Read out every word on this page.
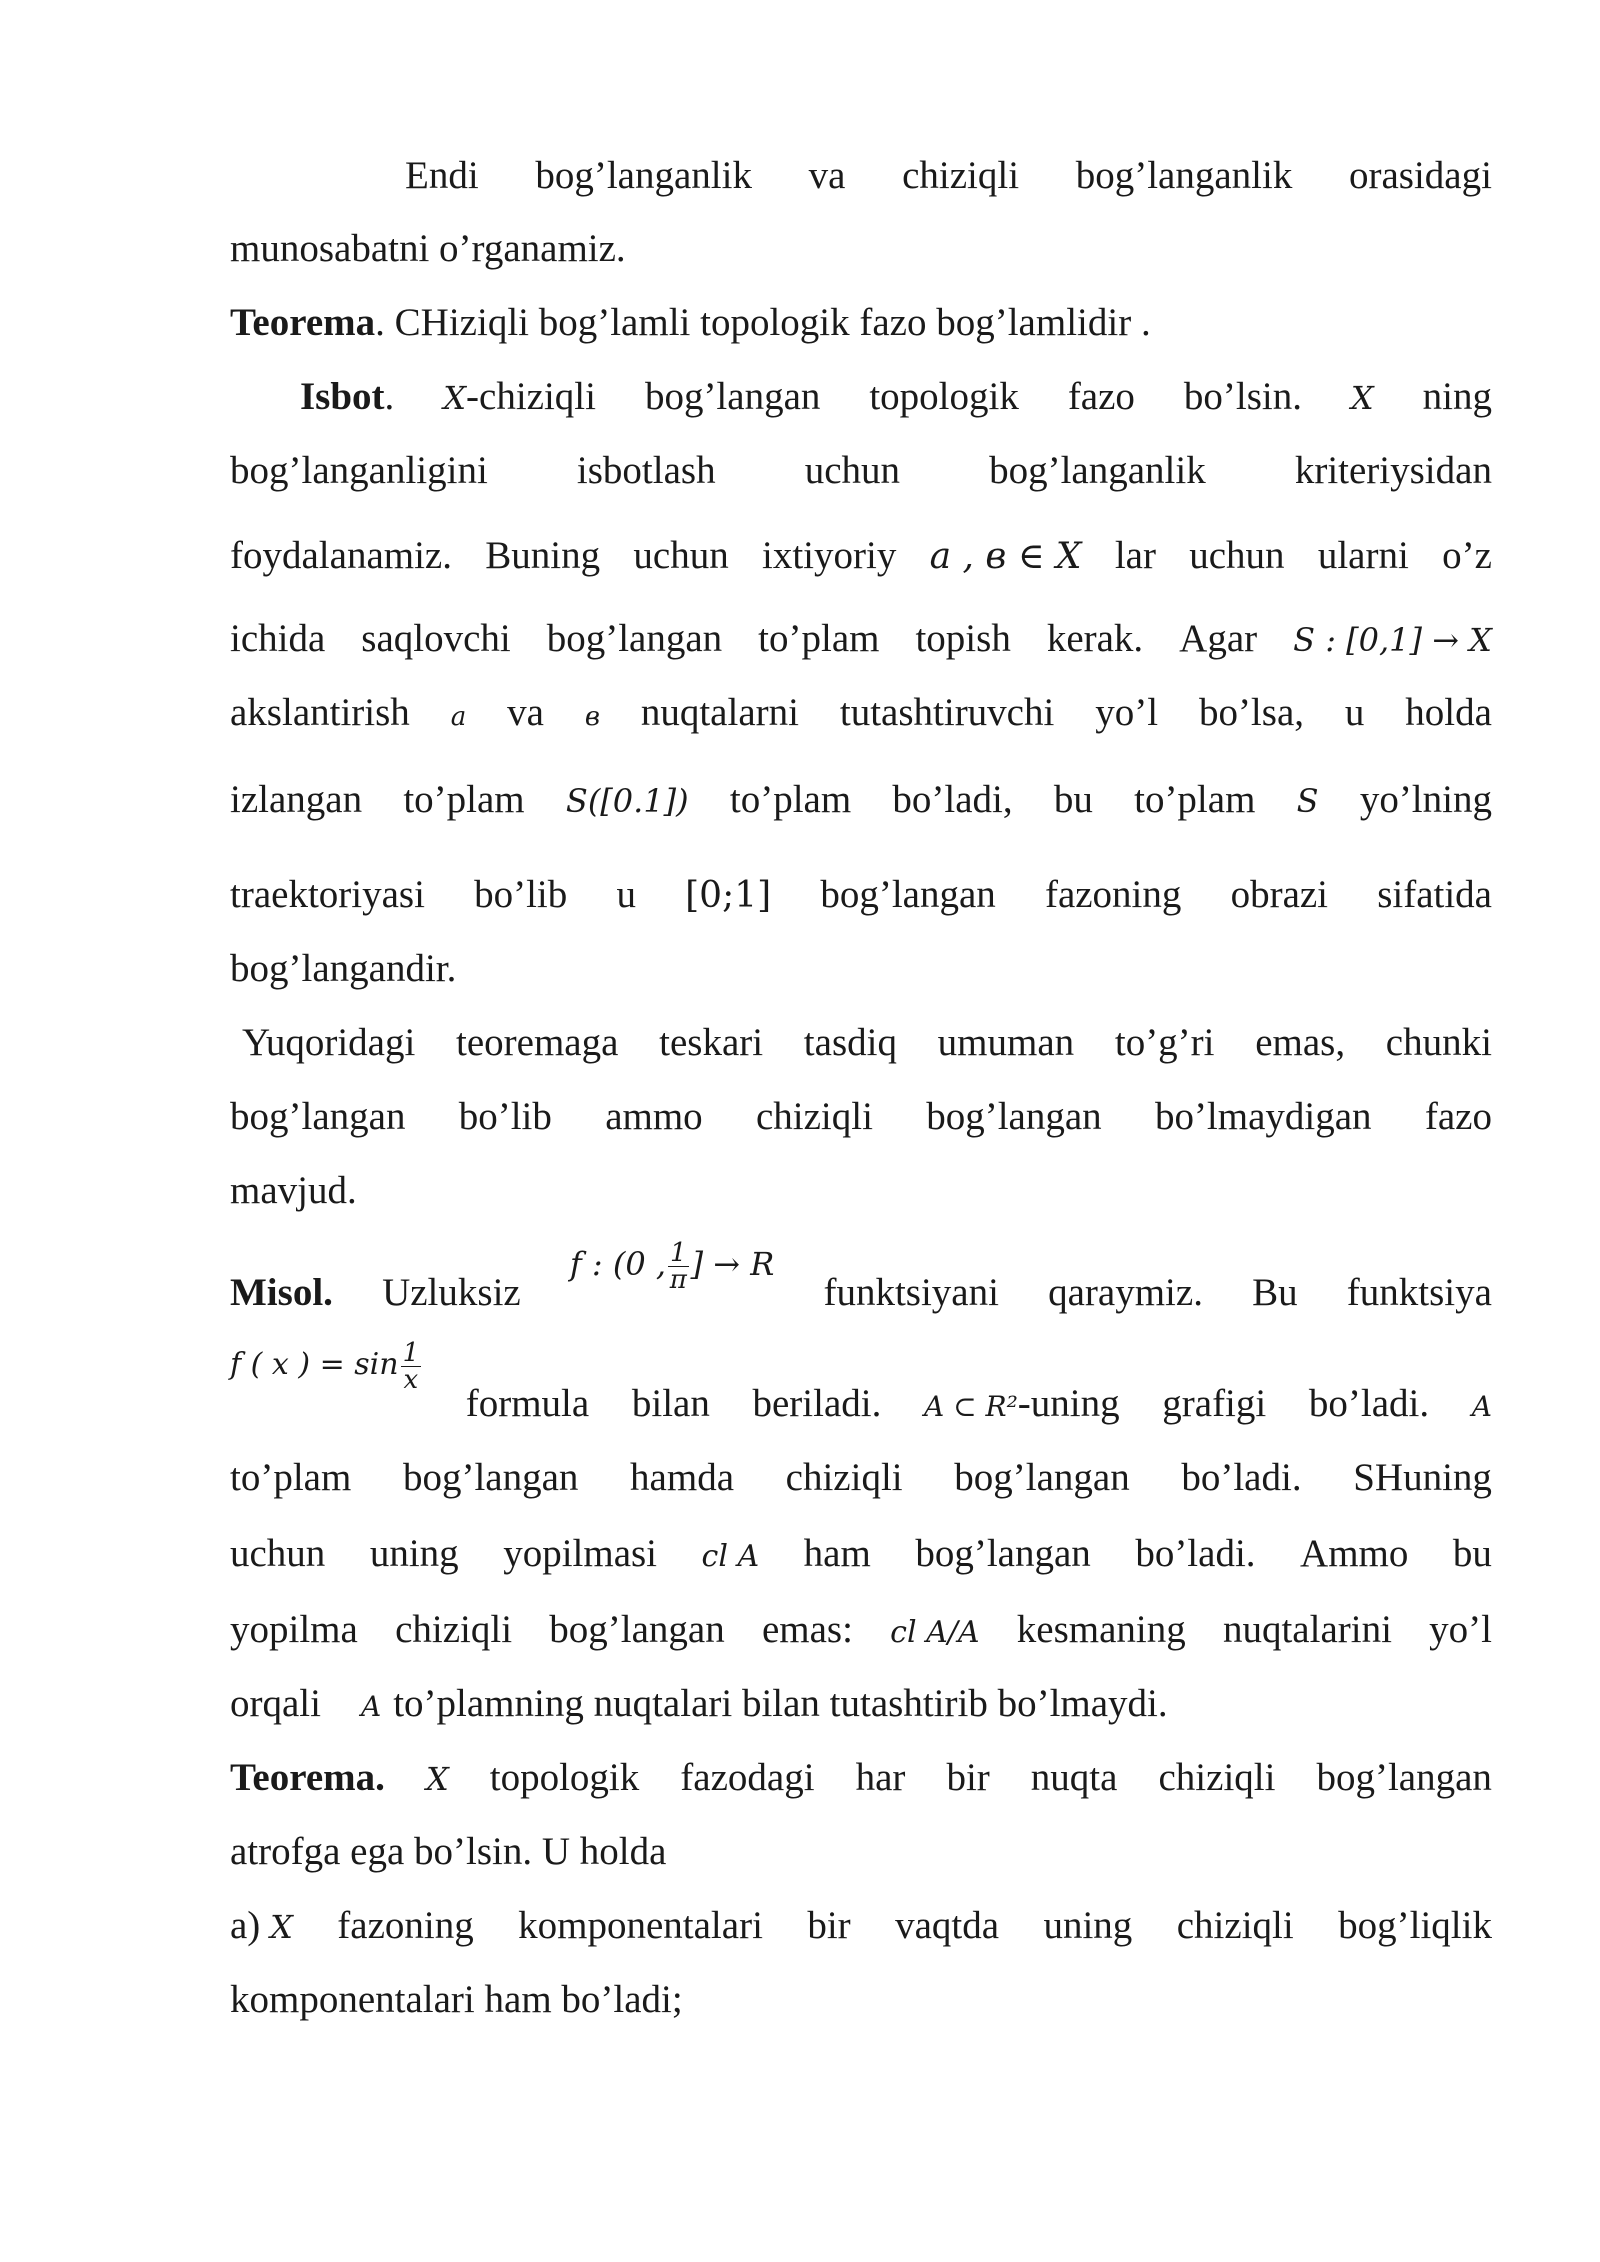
Endi bog’langanlik va chiziqli bog’langanlik orasidagi
munosabatni o’rganamiz.
Teorema. CHiziqli bog’lamli topologik fazo bog’lamlidir .
Isbot. X-chiziqli bog’langan topologik fazo bo’lsin. X ning
bog’langanligini isbotlash uchun bog’langanlik kriteriysidan
foydalanamiz. Buning uchun ixtiyoriy a , в ∈ X lar uchun ularni o’z
ichida saqlovchi bog’langan to’plam topish kerak. Agar S : [0,1] → X
akslantirish a va в nuqtalarni tutashtiruvchi yo’l bo’lsa, u holda
izlangan to’plam S([0.1]) to’plam bo’ladi, bu to’plam S yo’lning
traektoriyasi bo’lib u [0;1] bog’langan fazoning obrazi sifatida
bog’langandir.
Yuqoridagi teoremaga teskari tasdiq umuman to’g’ri emas, chunki
bog’langan bo’lib ammo chiziqli bog’langan bo’lmaydigan fazo
mavjud.
Misol. Uzluksiz
f : (0 , $\frac{1}{\pi}$ ] → R
funktsiyani qaraymiz. Bu funktsiya
f ( x ) = $\sin \frac{1}{x}$
formula bilan beriladi. A ⊂ R²-uning grafigi bo’ladi. A
to’plam bog’langan hamda chiziqli bog’langan bo’ladi. SHuning
uchun uning yopilmasi cl A ham bog’langan bo’ladi. Ammo bu
yopilma chiziqli bog’langan emas: cl A/A kesmaning nuqtalarini yo’l
orqali A to’plamning nuqtalari bilan tutashtirib bo’lmaydi.
Teorema. X topologik fazodagi har bir nuqta chiziqli bog’langan
atrofga ega bo’lsin. U holda
a) X fazoning komponentalari bir vaqtda uning chiziqli bog’liqlik
komponentalari ham bo’ladi;
